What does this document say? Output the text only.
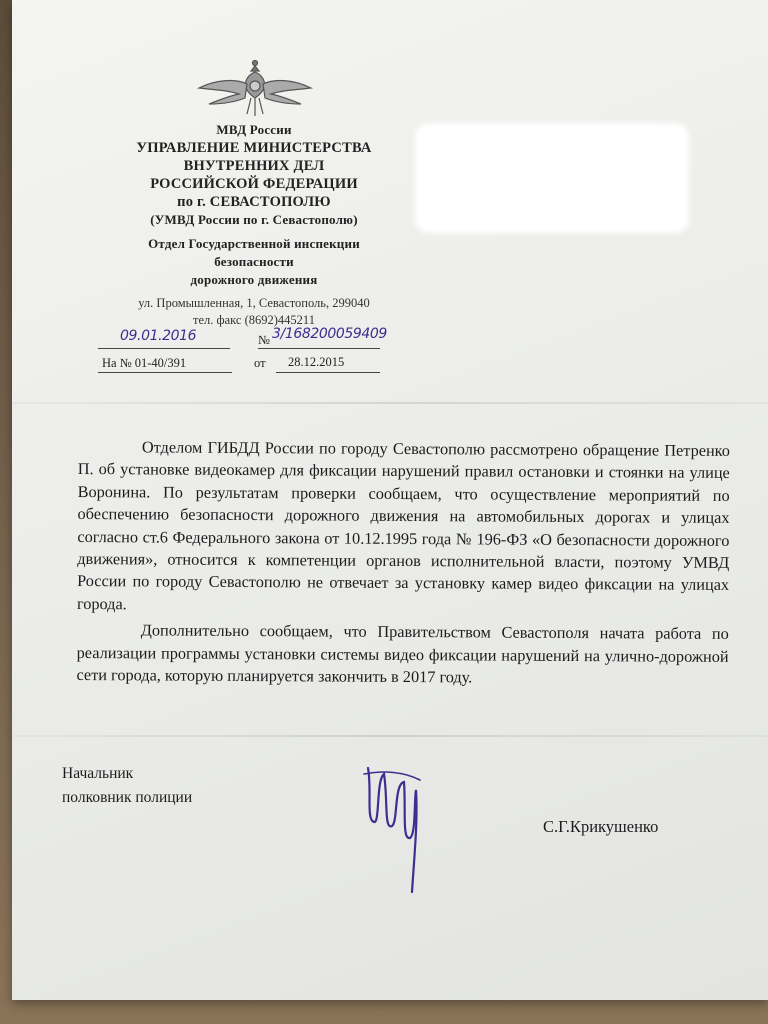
МВД России
УПРАВЛЕНИЕ МИНИСТЕРСТВА
ВНУТРЕННИХ ДЕЛ
РОССИЙСКОЙ ФЕДЕРАЦИИ
по г. СЕВАСТОПОЛЮ
(УМВД России по г. Севастополю)
Отдел Государственной инспекции
безопасности
дорожного движения
ул. Промышленная, 1, Севастополь, 299040
тел. факс (8692)445211
09.01.2016	№ 3/168200059409
На № 01-40/391	от 28.12.2015

Отделом ГИБДД России по городу Севастополю рассмотрено обращение Петренко П. об установке видеокамер для фиксации нарушений правил остановки и стоянки на улице Воронина. По результатам проверки сообщаем, что осуществление мероприятий по обеспечению безопасности дорожного движения на автомобильных дорогах и улицах согласно ст.6 Федерального закона от 10.12.1995 года № 196-ФЗ «О безопасности дорожного движения», относится к компетенции органов исполнительной власти, поэтому УМВД России по городу Севастополю не отвечает за установку камер видео фиксации на улицах города.

Дополнительно сообщаем, что Правительством Севастополя начата работа по реализации программы установки системы видео фиксации нарушений на улично-дорожной сети города, которую планируется закончить в 2017 году.

Начальник
полковник полиции
С.Г.Крикушенко
